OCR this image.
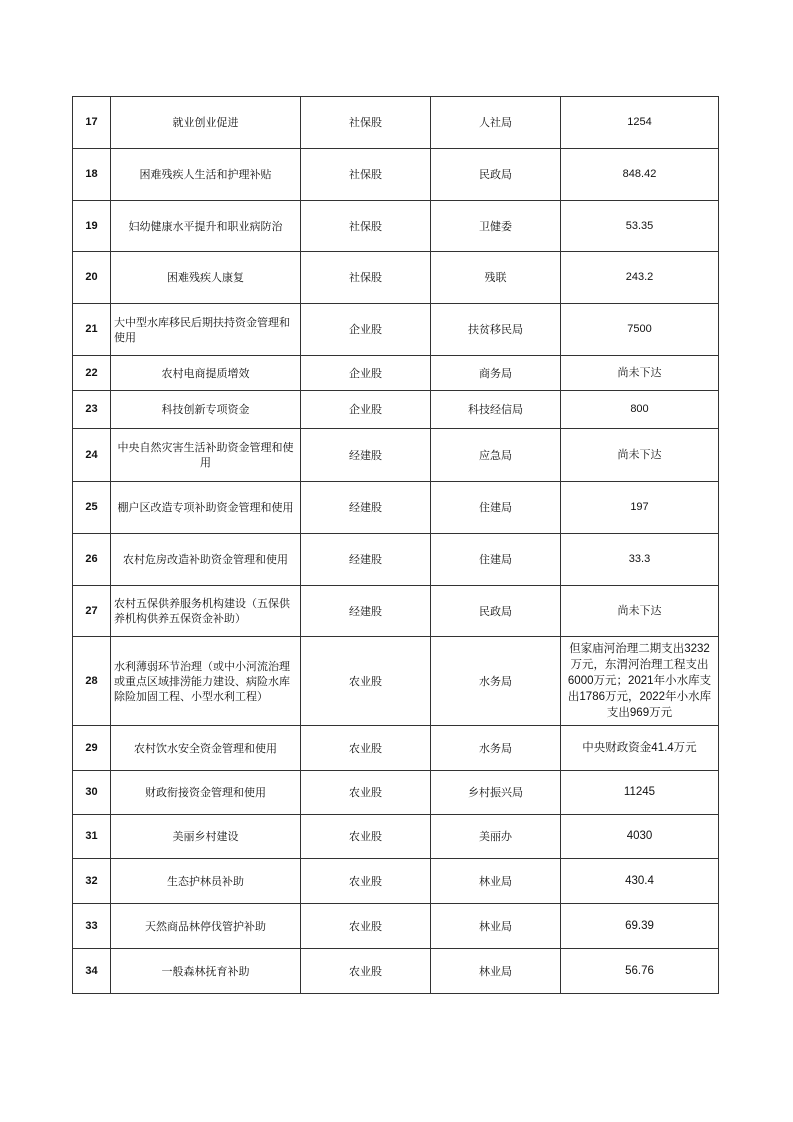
17	就业创业促进	社保股	人社局	1254
18	困难残疾人生活和护理补贴	社保股	民政局	848.42
19	妇幼健康水平提升和职业病防治	社保股	卫健委	53.35
20	困难残疾人康复	社保股	残联	243.2
21	大中型水库移民后期扶持资金管理和使用	企业股	扶贫移民局	7500
22	农村电商提质增效	企业股	商务局	尚未下达
23	科技创新专项资金	企业股	科技经信局	800
24	中央自然灾害生活补助资金管理和使用	经建股	应急局	尚未下达
25	棚户区改造专项补助资金管理和使用	经建股	住建局	197
26	农村危房改造补助资金管理和使用	经建股	住建局	33.3
27	农村五保供养服务机构建设（五保供养机构供养五保资金补助）	经建股	民政局	尚未下达
28	水利薄弱环节治理（或中小河流治理或重点区域排涝能力建设、病险水库除险加固工程、小型水利工程）	农业股	水务局	但家庙河治理二期支出3232万元，东渭河治理工程支出6000万元；2021年小水库支出1786万元，2022年小水库支出969万元
29	农村饮水安全资金管理和使用	农业股	水务局	中央财政资金41.4万元
30	财政衔接资金管理和使用	农业股	乡村振兴局	11245
31	美丽乡村建设	农业股	美丽办	4030
32	生态护林员补助	农业股	林业局	430.4
33	天然商品林停伐管护补助	农业股	林业局	69.39
34	一般森林抚育补助	农业股	林业局	56.76
